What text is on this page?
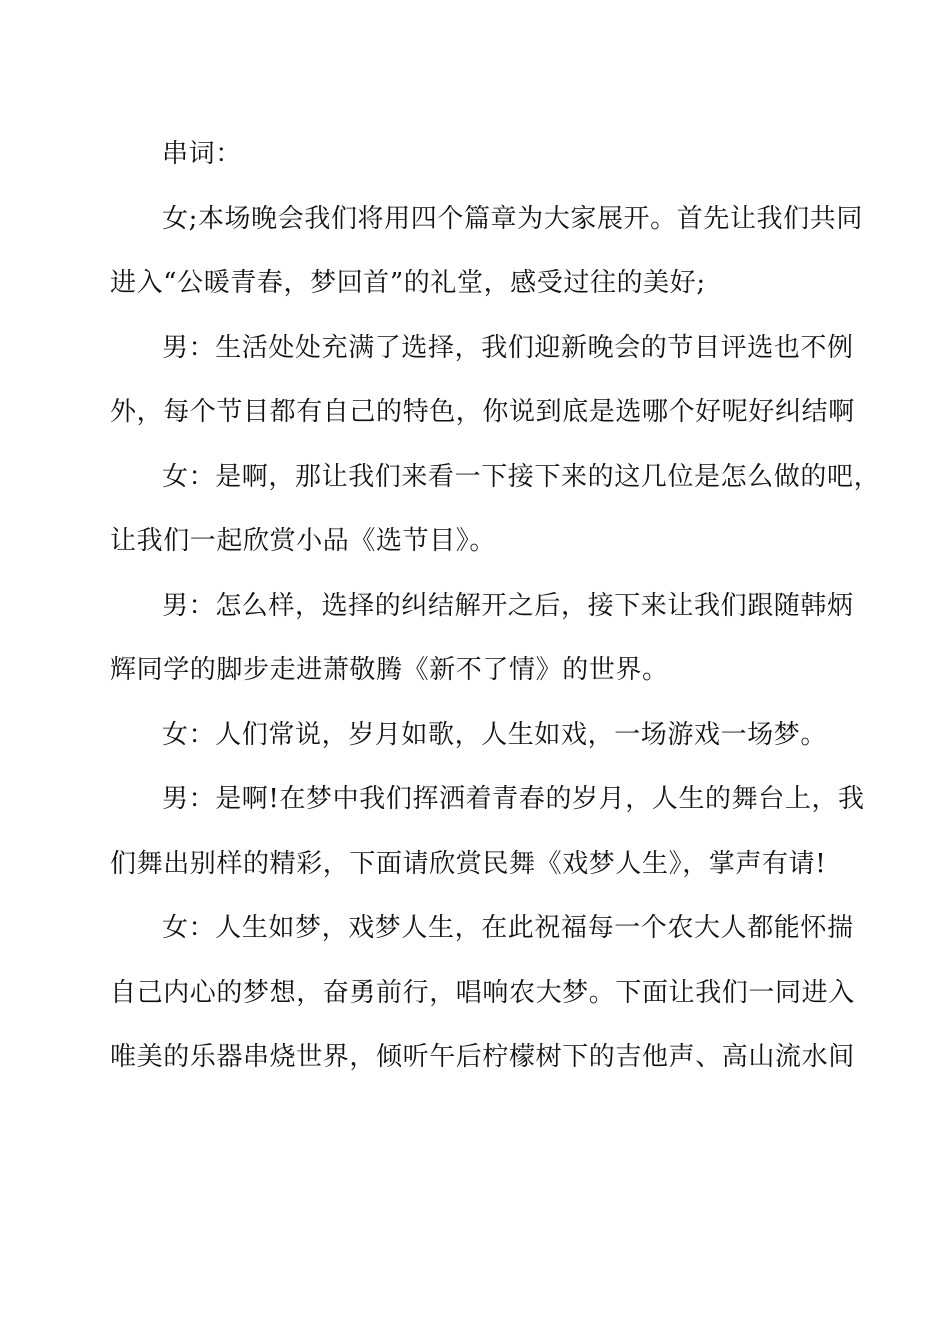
串词：

女;本场晚会我们将用四个篇章为大家展开。首先让我们共同
进入“公暖青春，梦回首”的礼堂，感受过往的美好;

男：生活处处充满了选择，我们迎新晚会的节目评选也不例
外，每个节目都有自己的特色，你说到底是选哪个好呢好纠结啊

女：是啊，那让我们来看一下接下来的这几位是怎么做的吧，
让我们一起欣赏小品《选节目》。

男：怎么样，选择的纠结解开之后，接下来让我们跟随韩炳
辉同学的脚步走进萧敬腾《新不了情》的世界。

女：人们常说，岁月如歌，人生如戏，一场游戏一场梦。

男：是啊!在梦中我们挥洒着青春的岁月，人生的舞台上，我
们舞出别样的精彩，下面请欣赏民舞《戏梦人生》，掌声有请!

女：人生如梦，戏梦人生，在此祝福每一个农大人都能怀揣
自己内心的梦想，奋勇前行，唱响农大梦。下面让我们一同进入
唯美的乐器串烧世界，倾听午后柠檬树下的吉他声、高山流水间
